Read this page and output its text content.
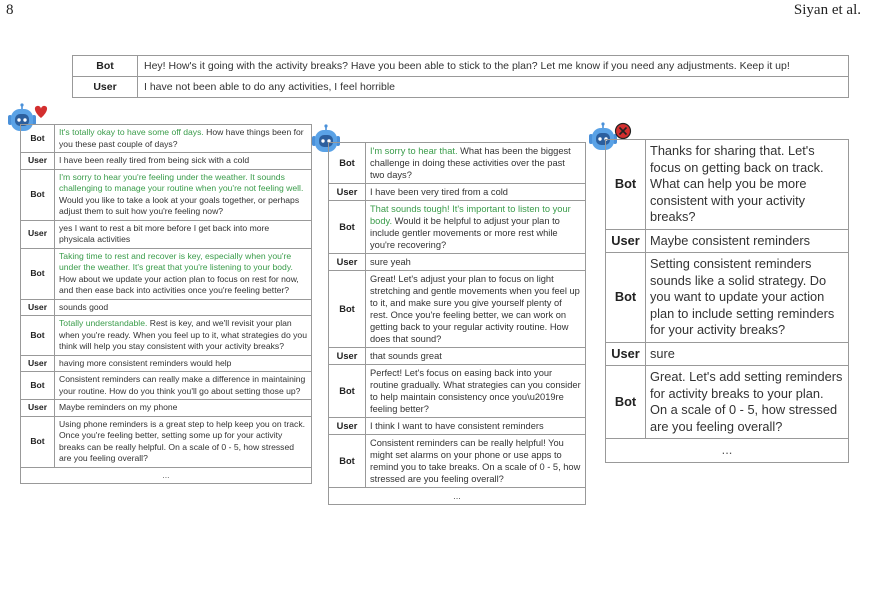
8	Siyan et al.
Bot	Hey! How's it going with the activity breaks? Have you been able to stick to the plan? Let me know if you need any adjustments. Keep it up!
User	I have not been able to do any activities, I feel horrible
Bot	It's totally okay to have some off days. How have things been for you these past couple of days?
User	I have been really tired from being sick with a cold
Bot	I'm sorry to hear you're feeling under the weather. It sounds challenging to manage your routine when you're not feeling well. Would you like to take a look at your goals together, or perhaps adjust them to suit how you're feeling now?
User	yes I want to rest a bit more before I get back into more physicala activities
Bot	Taking time to rest and recover is key, especially when you're under the weather. It's great that you're listening to your body. How about we update your action plan to focus on rest for now, and then ease back into activities once you're feeling better?
User	sounds good
Bot	Totally understandable. Rest is key, and we'll revisit your plan when you're ready. When you feel up to it, what strategies do you think will help you stay consistent with your activity breaks?
User	having more consistent reminders would help
Bot	Consistent reminders can really make a difference in maintaining your routine. How do you think you'll go about setting those up?
User	Maybe reminders on my phone
Bot	Using phone reminders is a great step to help keep you on track. Once you're feeling better, setting some up for your activity breaks can be really helpful. On a scale of 0 - 5, how stressed are you feeling overall?
...	
Bot	I'm sorry to hear that. What has been the biggest challenge in doing these activities over the past two days?
User	I have been very tired from a cold
Bot	That sounds tough! It's important to listen to your body. Would it be helpful to adjust your plan to include gentler movements or more rest while you're recovering?
User	sure yeah
Bot	Great! Let's adjust your plan to focus on light stretching and gentle movements when you feel up to it, and make sure you give yourself plenty of rest. Once you're feeling better, we can work on getting back to your regular activity routine. How does that sound?
User	that sounds great
Bot	Perfect! Let's focus on easing back into your routine gradually. What strategies can you consider to help maintain consistency once you\u2019re feeling better?
User	I think I want to have consistent reminders
Bot	Consistent reminders can be really helpful! You might set alarms on your phone or use apps to remind you to take breaks. On a scale of 0 - 5, how stressed are you feeling overall?
...	
Bot	Thanks for sharing that. Let's focus on getting back on track. What can help you be more consistent with your activity breaks?
User	Maybe consistent reminders
Bot	Setting consistent reminders sounds like a solid strategy. Do you want to update your action plan to include setting reminders for your activity breaks?
User	sure
Bot	Great. Let's add setting reminders for activity breaks to your plan. On a scale of 0 - 5, how stressed are you feeling overall?
...	
